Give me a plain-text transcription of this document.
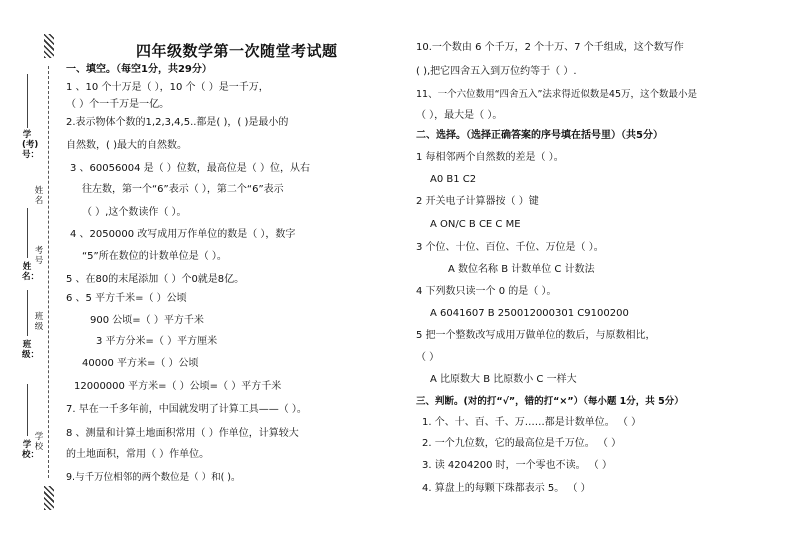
学(考)号：
姓名
考号
姓名：
班级
班级：
学校
学校：
四年级数学第一次随堂考试题
一、填空。（每空1分，共29分）
1 、10 个十万是（ ），10 个（ ）是一千万，
（ ）个一千万是一亿。
2.表示物体个数的1,2,3,4,5..都是( )，( )是最小的
自然数，( )最大的自然数。
3 、60056004 是（ ）位数，最高位是（ ）位，从右
往左数，第一个“6”表示（ ），第二个“6”表示
（ ）,这个数读作（ ）。
4 、2050000 改写成用万作单位的数是（ ），数字
“5”所在数位的计数单位是（ ）。
5 、在80的末尾添加（ ）个0就是8亿。
6 、5 平方千米=（ ）公顷
900 公顷=（ ）平方千米
3 平方分米=（ ）平方厘米
40000 平方米=（ ）公顷
12000000 平方米=（ ）公顷=（ ）平方千米
7. 早在一千多年前，中国就发明了计算工具——（ ）。
8 、测量和计算土地面积常用（ ）作单位，计算较大
的土地面积，常用（ ）作单位。
9.与千万位相邻的两个数位是（ ）和( )。
10.一个数由 6 个千万，2 个十万、7 个千组成，这个数写作
( ),把它四舍五入到万位约等于（ ）.
11、一个六位数用“四舍五入”法求得近似数是45万，这个数最小是
（ ），最大是（ ）。
二、选择。（选择正确答案的序号填在括号里）（共5分）
1 每相邻两个自然数的差是（ ）。
A0 B1 C2
2 开关电子计算器按（ ）键
A ON/C B CE C ME
3 个位、十位、百位、千位、万位是（ ）。
A 数位名称 B 计数单位 C 计数法
4 下列数只读一个 0 的是（ ）。
A 6041607 B 250012000301 C9100200
5 把一个整数改写成用万做单位的数后，与原数相比，
（ ）
A 比原数大 B 比原数小 C 一样大
三、判断。(对的打“√”，错的打“×”）（每小题 1分，共 5分）
1. 个、十、百、千、万……都是计数单位。 （ ）
2. 一个九位数，它的最高位是千万位。 （ ）
3. 读 4204200 时，一个零也不读。 （ ）
4. 算盘上的每颗下珠都表示 5。 （ ）
